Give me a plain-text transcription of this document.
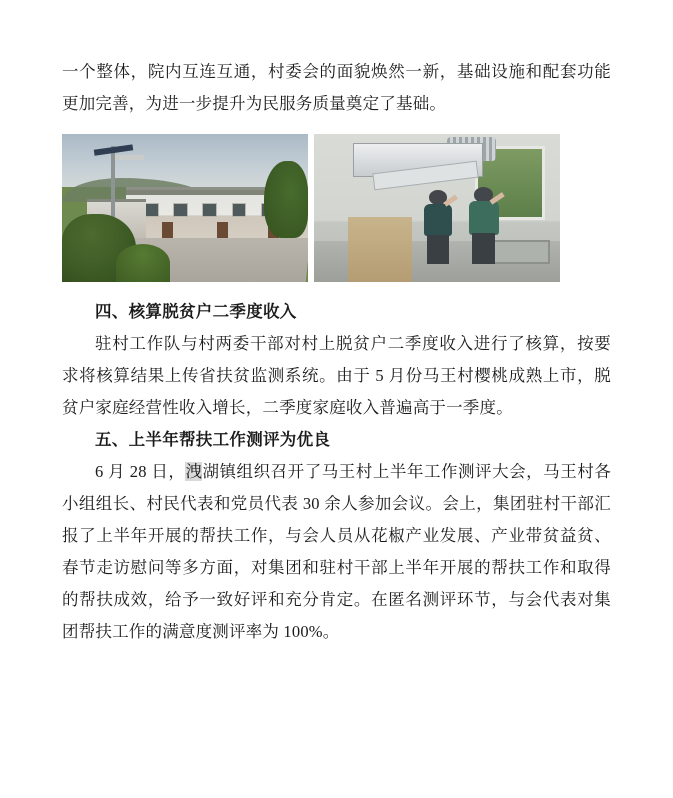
一个整体，院内互连互通，村委会的面貌焕然一新，基础设施和配套功能更加完善，为进一步提升为民服务质量奠定了基础。

四、核算脱贫户二季度收入

驻村工作队与村两委干部对村上脱贫户二季度收入进行了核算，按要求将核算结果上传省扶贫监测系统。由于 5 月份马王村樱桃成熟上市，脱贫户家庭经营性收入增长，二季度家庭收入普遍高于一季度。

五、上半年帮扶工作测评为优良

6 月 28 日，洩湖镇组织召开了马王村上半年工作测评大会，马王村各小组组长、村民代表和党员代表 30 余人参加会议。会上，集团驻村干部汇报了上半年开展的帮扶工作，与会人员从花椒产业发展、产业带贫益贫、春节走访慰问等多方面，对集团和驻村干部上半年开展的帮扶工作和取得的帮扶成效，给予一致好评和充分肯定。在匿名测评环节，与会代表对集团帮扶工作的满意度测评率为 100%。
